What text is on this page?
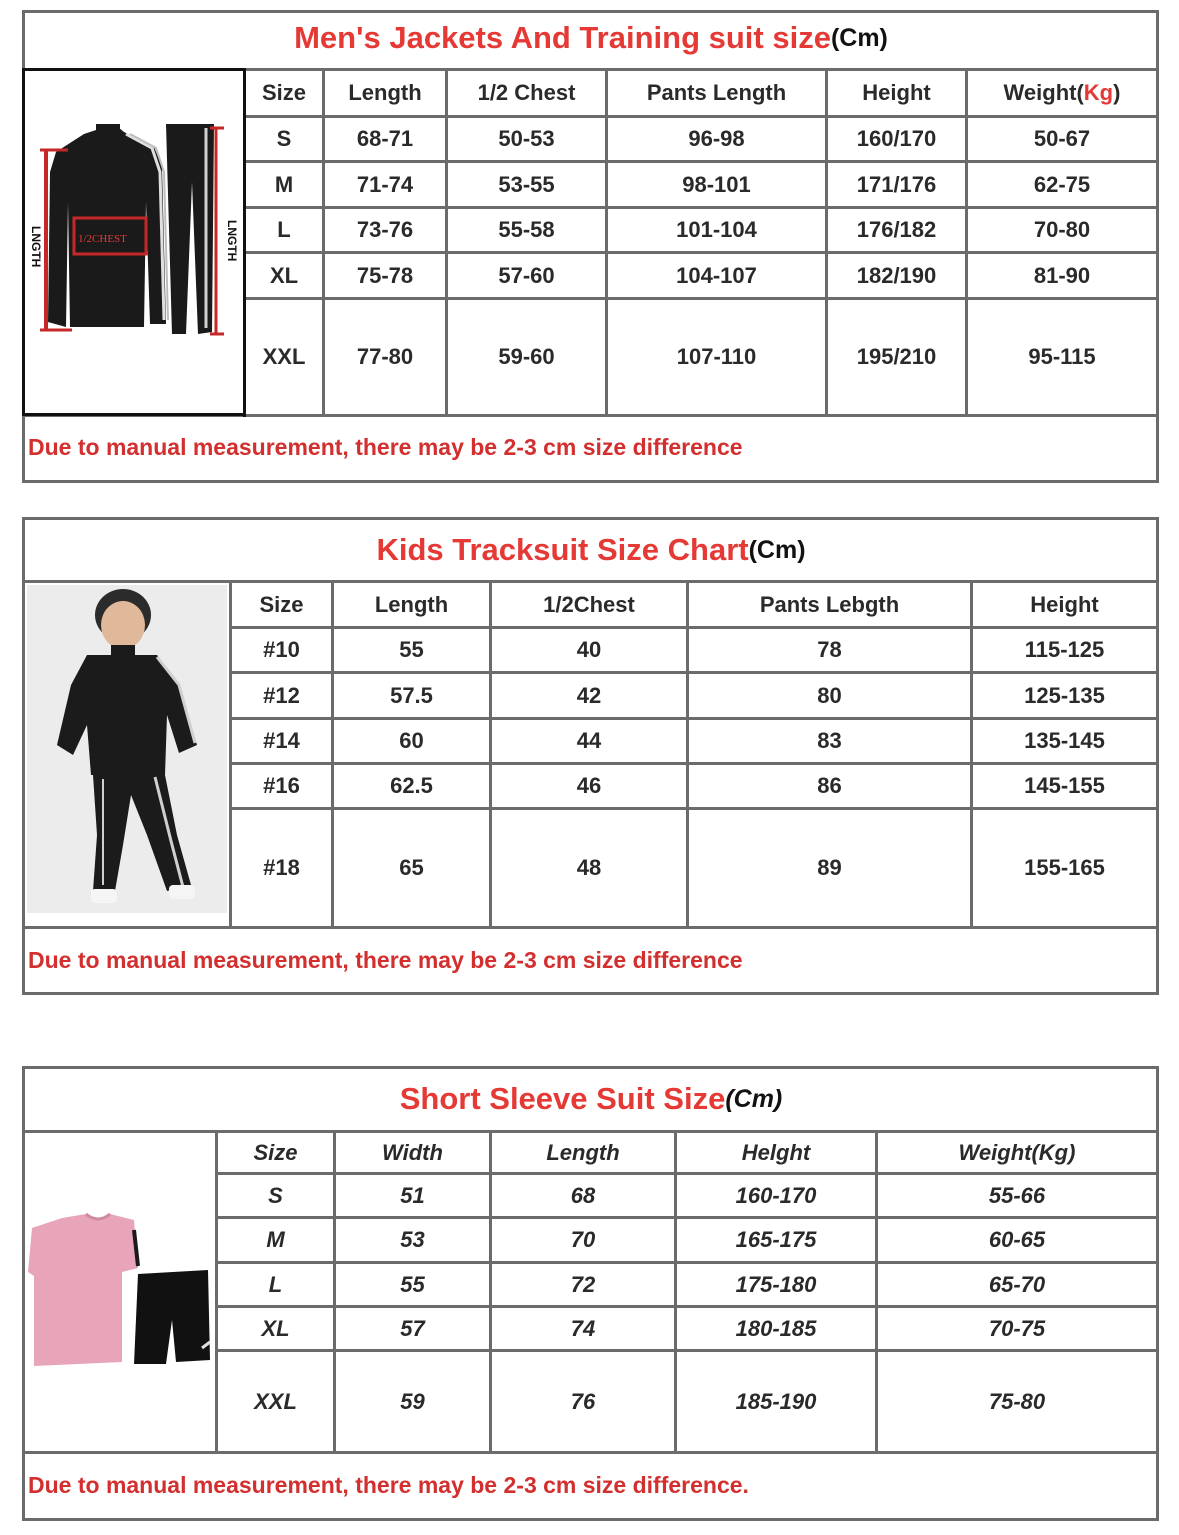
Men's Jackets And Training suit size (Cm)
LNGTH	1/2CHEST	LNGTH
Size	Length	1/2 Chest	Pants Length	Height	Weight( Kg )
S	68-71	50-53	96-98	160/170	50-67
M	71-74	53-55	98-101	171/176	62-75
L	73-76	55-58	101-104	176/182	70-80
XL	75-78	57-60	104-107	182/190	81-90
XXL	77-80	59-60	107-110	195/210	95-115
Due to manual measurement, there may be 2-3 cm size difference
Kids Tracksuit Size Chart (Cm)
Size	Length	1/2Chest	Pants Lebgth	Height
#10	55	40	78	115-125
#12	57.5	42	80	125-135
#14	60	44	83	135-145
#16	62.5	46	86	145-155
#18	65	48	89	155-165
Due to manual measurement, there may be 2-3 cm size difference
Short Sleeve Suit Size (Cm)
Size	Width	Length	Helght	Weight(Kg)
S	51	68	160-170	55-66
M	53	70	165-175	60-65
L	55	72	175-180	65-70
XL	57	74	180-185	70-75
XXL	59	76	185-190	75-80
Due to manual measurement, there may be 2-3 cm size difference.
